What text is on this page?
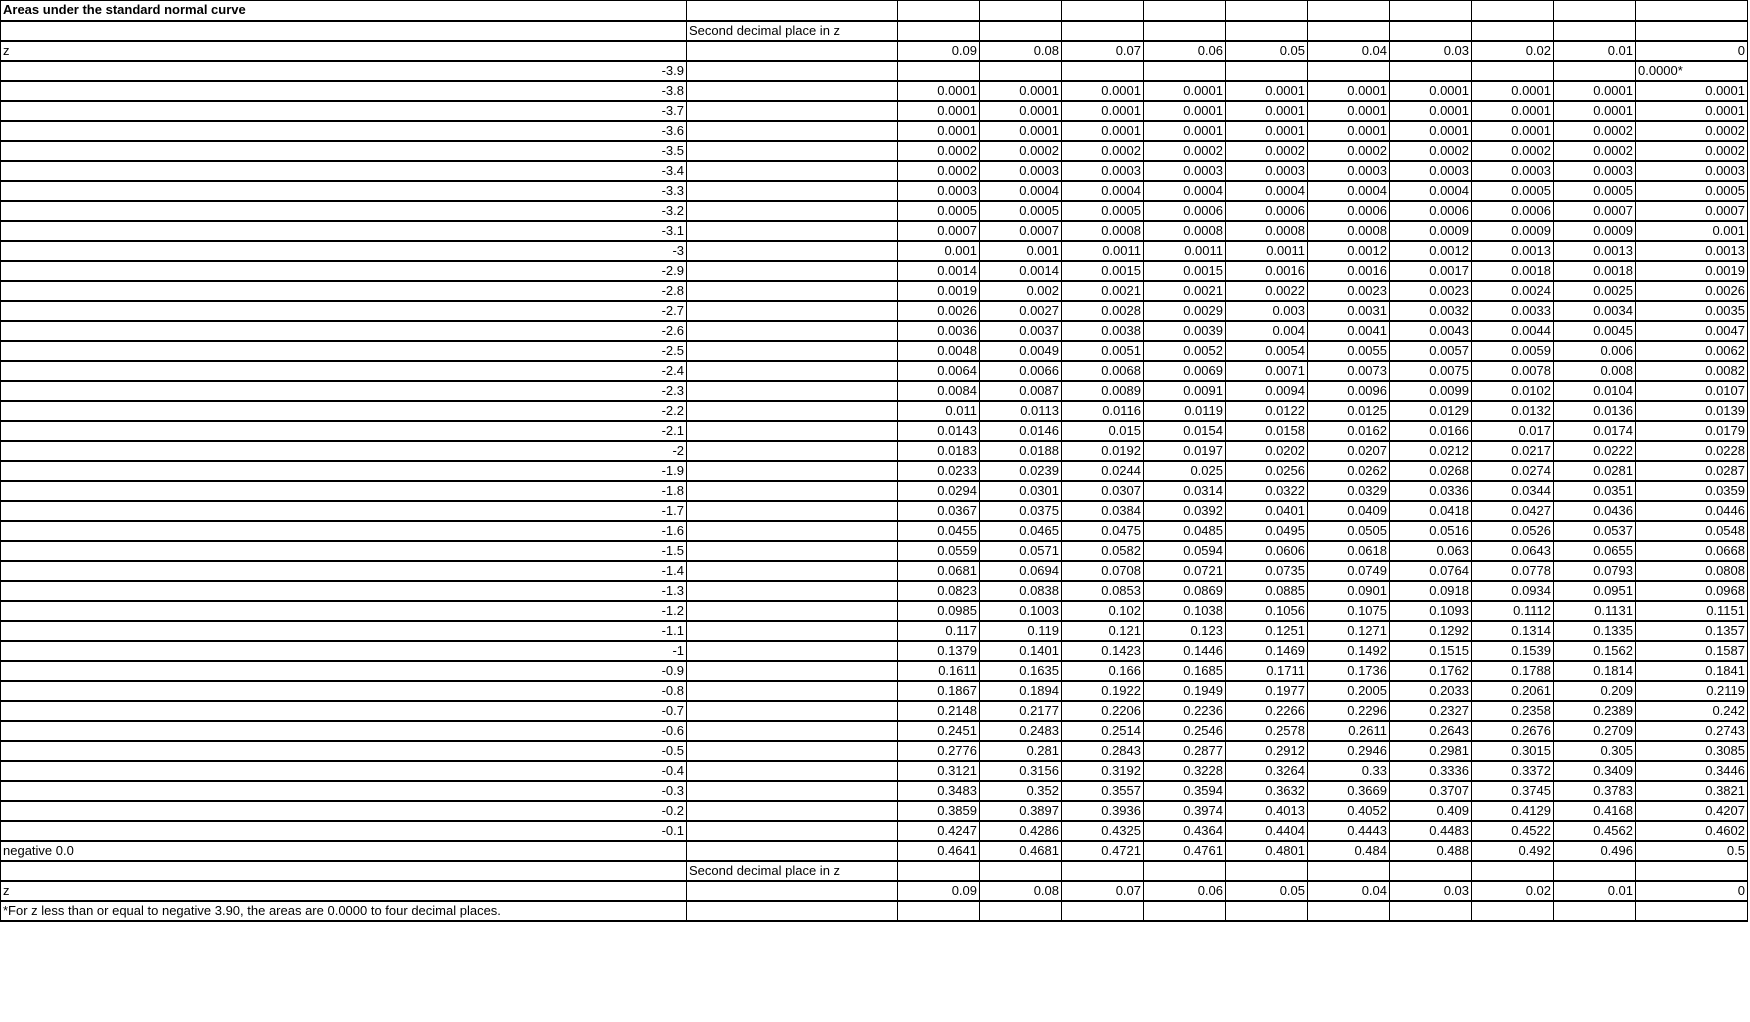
Areas under the standard normal curve												
	Second decimal place in z											
z		0.09	0.08	0.07	0.06	0.05	0.04	0.03	0.02	0.01	0	
-3.9											0.0000*	
-3.8		0.0001	0.0001	0.0001	0.0001	0.0001	0.0001	0.0001	0.0001	0.0001	0.0001	
-3.7		0.0001	0.0001	0.0001	0.0001	0.0001	0.0001	0.0001	0.0001	0.0001	0.0001	
-3.6		0.0001	0.0001	0.0001	0.0001	0.0001	0.0001	0.0001	0.0001	0.0002	0.0002	
-3.5		0.0002	0.0002	0.0002	0.0002	0.0002	0.0002	0.0002	0.0002	0.0002	0.0002	
-3.4		0.0002	0.0003	0.0003	0.0003	0.0003	0.0003	0.0003	0.0003	0.0003	0.0003	
-3.3		0.0003	0.0004	0.0004	0.0004	0.0004	0.0004	0.0004	0.0005	0.0005	0.0005	
-3.2		0.0005	0.0005	0.0005	0.0006	0.0006	0.0006	0.0006	0.0006	0.0007	0.0007	
-3.1		0.0007	0.0007	0.0008	0.0008	0.0008	0.0008	0.0009	0.0009	0.0009	0.001	
-3		0.001	0.001	0.0011	0.0011	0.0011	0.0012	0.0012	0.0013	0.0013	0.0013	
-2.9		0.0014	0.0014	0.0015	0.0015	0.0016	0.0016	0.0017	0.0018	0.0018	0.0019	
-2.8		0.0019	0.002	0.0021	0.0021	0.0022	0.0023	0.0023	0.0024	0.0025	0.0026	
-2.7		0.0026	0.0027	0.0028	0.0029	0.003	0.0031	0.0032	0.0033	0.0034	0.0035	
-2.6		0.0036	0.0037	0.0038	0.0039	0.004	0.0041	0.0043	0.0044	0.0045	0.0047	
-2.5		0.0048	0.0049	0.0051	0.0052	0.0054	0.0055	0.0057	0.0059	0.006	0.0062	
-2.4		0.0064	0.0066	0.0068	0.0069	0.0071	0.0073	0.0075	0.0078	0.008	0.0082	
-2.3		0.0084	0.0087	0.0089	0.0091	0.0094	0.0096	0.0099	0.0102	0.0104	0.0107	
-2.2		0.011	0.0113	0.0116	0.0119	0.0122	0.0125	0.0129	0.0132	0.0136	0.0139	
-2.1		0.0143	0.0146	0.015	0.0154	0.0158	0.0162	0.0166	0.017	0.0174	0.0179	
-2		0.0183	0.0188	0.0192	0.0197	0.0202	0.0207	0.0212	0.0217	0.0222	0.0228	
-1.9		0.0233	0.0239	0.0244	0.025	0.0256	0.0262	0.0268	0.0274	0.0281	0.0287	
-1.8		0.0294	0.0301	0.0307	0.0314	0.0322	0.0329	0.0336	0.0344	0.0351	0.0359	
-1.7		0.0367	0.0375	0.0384	0.0392	0.0401	0.0409	0.0418	0.0427	0.0436	0.0446	
-1.6		0.0455	0.0465	0.0475	0.0485	0.0495	0.0505	0.0516	0.0526	0.0537	0.0548	
-1.5		0.0559	0.0571	0.0582	0.0594	0.0606	0.0618	0.063	0.0643	0.0655	0.0668	
-1.4		0.0681	0.0694	0.0708	0.0721	0.0735	0.0749	0.0764	0.0778	0.0793	0.0808	
-1.3		0.0823	0.0838	0.0853	0.0869	0.0885	0.0901	0.0918	0.0934	0.0951	0.0968	
-1.2		0.0985	0.1003	0.102	0.1038	0.1056	0.1075	0.1093	0.1112	0.1131	0.1151	
-1.1		0.117	0.119	0.121	0.123	0.1251	0.1271	0.1292	0.1314	0.1335	0.1357	
-1		0.1379	0.1401	0.1423	0.1446	0.1469	0.1492	0.1515	0.1539	0.1562	0.1587	
-0.9		0.1611	0.1635	0.166	0.1685	0.1711	0.1736	0.1762	0.1788	0.1814	0.1841	
-0.8		0.1867	0.1894	0.1922	0.1949	0.1977	0.2005	0.2033	0.2061	0.209	0.2119	
-0.7		0.2148	0.2177	0.2206	0.2236	0.2266	0.2296	0.2327	0.2358	0.2389	0.242	
-0.6		0.2451	0.2483	0.2514	0.2546	0.2578	0.2611	0.2643	0.2676	0.2709	0.2743	
-0.5		0.2776	0.281	0.2843	0.2877	0.2912	0.2946	0.2981	0.3015	0.305	0.3085	
-0.4		0.3121	0.3156	0.3192	0.3228	0.3264	0.33	0.3336	0.3372	0.3409	0.3446	
-0.3		0.3483	0.352	0.3557	0.3594	0.3632	0.3669	0.3707	0.3745	0.3783	0.3821	
-0.2		0.3859	0.3897	0.3936	0.3974	0.4013	0.4052	0.409	0.4129	0.4168	0.4207	
-0.1		0.4247	0.4286	0.4325	0.4364	0.4404	0.4443	0.4483	0.4522	0.4562	0.4602	
negative 0.0		0.4641	0.4681	0.4721	0.4761	0.4801	0.484	0.488	0.492	0.496	0.5	
	Second decimal place in z											
z		0.09	0.08	0.07	0.06	0.05	0.04	0.03	0.02	0.01	0	
*For z less than or equal to negative 3.90, the areas are 0.0000 to four decimal places.												
